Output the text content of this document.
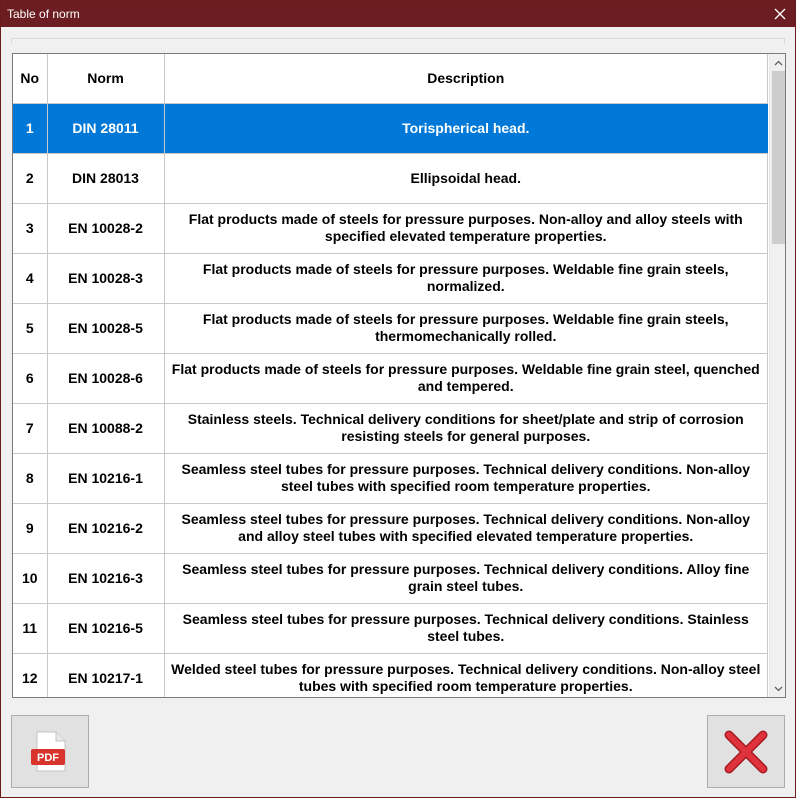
Table of norm
No	Norm	Description
1	DIN 28011	Torispherical head.
2	DIN 28013	Ellipsoidal head.
3	EN 10028-2	Flat products made of steels for pressure purposes. Non-alloy and alloy steels with specified elevated temperature properties.
4	EN 10028-3	Flat products made of steels for pressure purposes. Weldable fine grain steels, normalized.
5	EN 10028-5	Flat products made of steels for pressure purposes. Weldable fine grain steels, thermomechanically rolled.
6	EN 10028-6	Flat products made of steels for pressure purposes. Weldable fine grain steel, quenched and tempered.
7	EN 10088-2	Stainless steels. Technical delivery conditions for sheet/plate and strip of corrosion resisting steels for general purposes.
8	EN 10216-1	Seamless steel tubes for pressure purposes. Technical delivery conditions. Non-alloy steel tubes with specified room temperature properties.
9	EN 10216-2	Seamless steel tubes for pressure purposes. Technical delivery conditions. Non-alloy and alloy steel tubes with specified elevated temperature properties.
10	EN 10216-3	Seamless steel tubes for pressure purposes. Technical delivery conditions. Alloy fine grain steel tubes.
11	EN 10216-5	Seamless steel tubes for pressure purposes. Technical delivery conditions. Stainless steel tubes.
12	EN 10217-1	Welded steel tubes for pressure purposes. Technical delivery conditions. Non-alloy steel tubes with specified room temperature properties.
PDF
